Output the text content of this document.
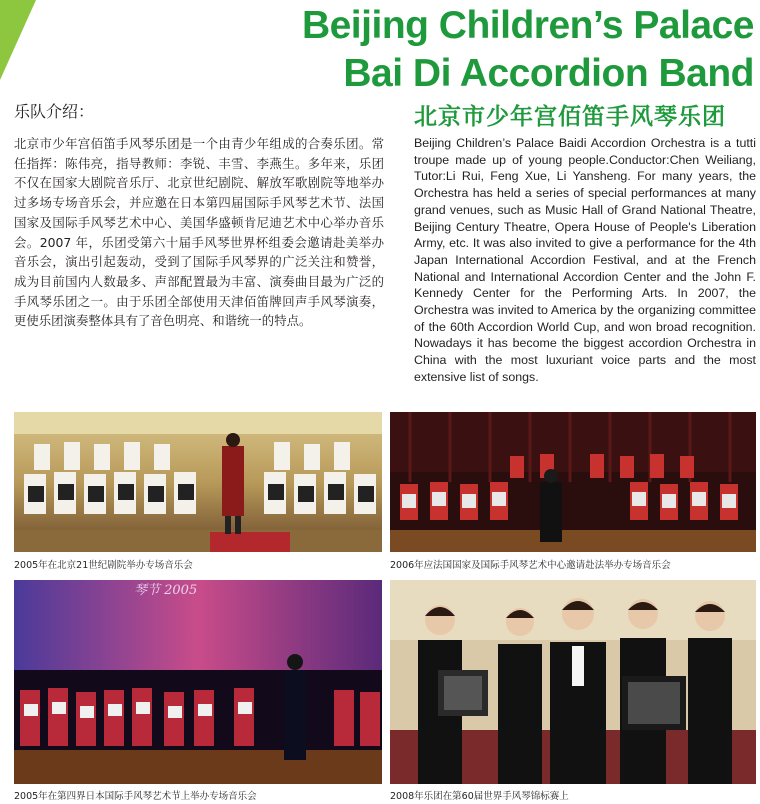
Beijing Children’s Palace
Bai Di Accordion Band
乐队介绍：	北京市少年宫佰笛手风琴乐团
北京市少年宫佰笛手风琴乐团是一个由青少年组成的合奏乐团。常任指挥：陈伟亮，指导教师：李锐、丰雪、李燕生。多年来，乐团不仅在国家大剧院音乐厅、北京世纪剧院、解放军歌剧院等地举办过多场专场音乐会，并应邀在日本第四届国际手风琴艺术节、法国国家及国际手风琴艺术中心、美国华盛顿肯尼迪艺术中心举办音乐会。2007 年，乐团受第六十届手风琴世界杯组委会邀请赴美举办音乐会，演出引起轰动，受到了国际手风琴界的广泛关注和赞誉，成为目前国内人数最多、声部配置最为丰富、演奏曲目最为广泛的手风琴乐团之一。由于乐团全部使用天津佰笛牌回声手风琴演奏，更使乐团演奏整体具有了音色明亮、和谐统一的特点。
Beijing Children’s Palace Baidi Accordion Orchestra is a tutti troupe made up of young people.Conductor:Chen Weiliang, Tutor:Li Rui, Feng Xue, Li Yansheng. For many years, the Orchestra has held a series of special performances at many grand venues, such as Music Hall of Grand National Theatre, Beijing Century Theatre, Opera House of People's Liberation Army, etc. It was also invited to give a performance for the 4th Japan International Accordion Festival, and at the French National and International Accordion Center and the John F. Kennedy Center for the Performing Arts. In 2007, the Orchestra was invited to America by the organizing committee of the 60th Accordion World Cup, and won broad recognition. Nowadays it has become the biggest accordion Orchestra in China with the most luxuriant voice parts and the most extensive list of songs.
2005年在北京21世纪剧院举办专场音乐会	2006年应法国国家及国际手风琴艺术中心邀请赴法举办专场音乐会
琴节 2005
2005年在第四界日本国际手风琴艺术节上举办专场音乐会	2008年乐团在第60届世界手风琴锦标赛上
